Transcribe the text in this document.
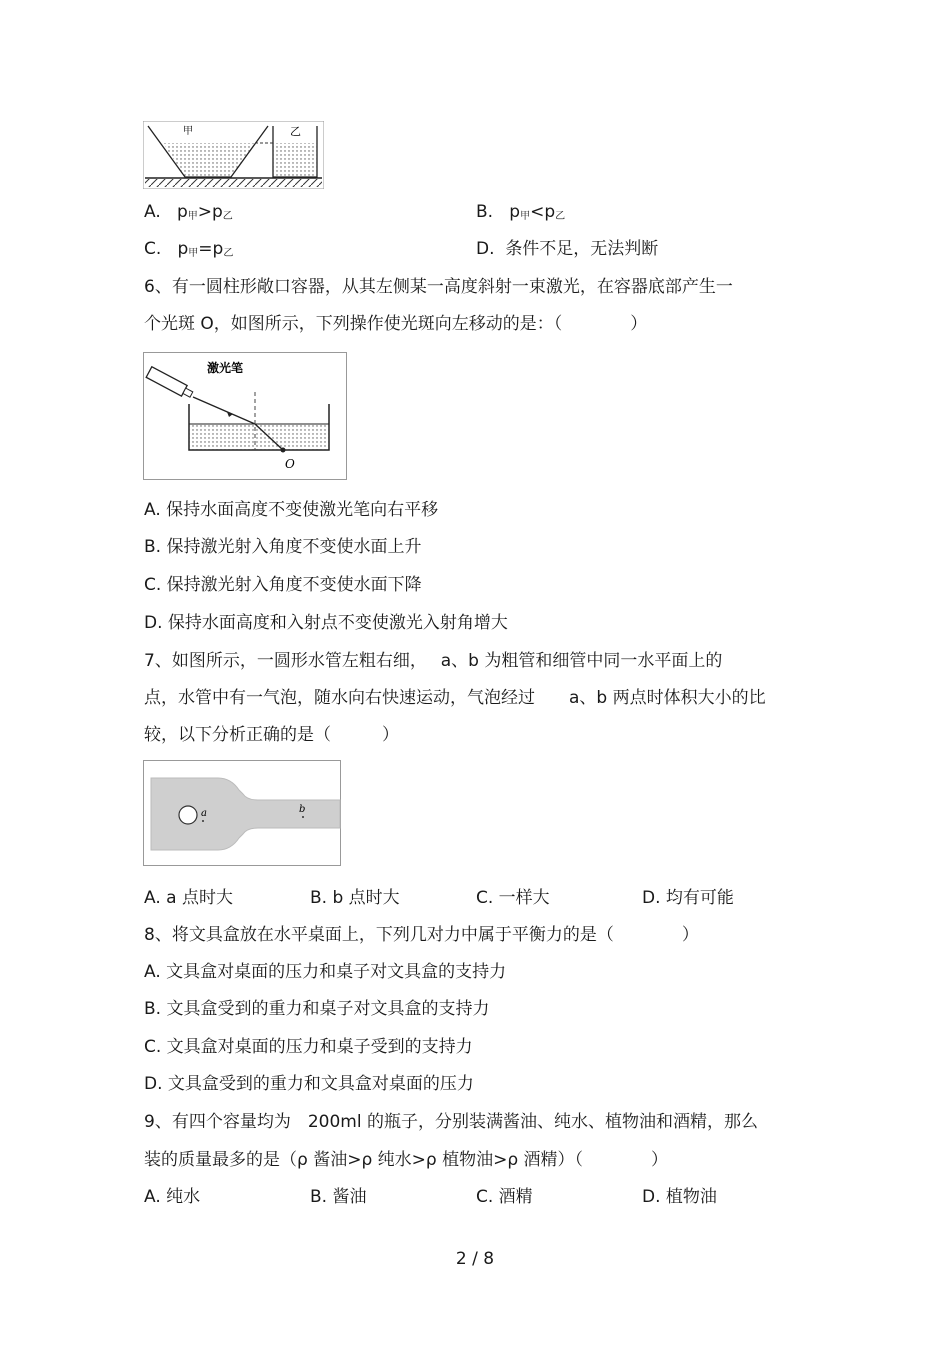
甲	乙
A. $p_甲>p_乙$	B. $p_甲<p_乙$
C. $p_甲=p_乙$	D. 条件不足，无法判断
6、有一圆柱形敞口容器，从其左侧某一高度斜射一束激光，在容器底部产生一
个光斑 O，如图所示，下列操作使光斑向左移动的是：（　　　　）
激光笔
O
A. 保持水面高度不变使激光笔向右平移
B. 保持激光射入角度不变使水面上升
C. 保持激光射入角度不变使水面下降
D. 保持水面高度和入射点不变使激光入射角增大
7、如图所示，一圆形水管左粗右细，　 a、b 为粗管和细管中同一水平面上的
点，水管中有一气泡，随水向右快速运动，气泡经过　　a、b 两点时体积大小的比
较，以下分析正确的是（　　　）
a	b
A. a 点时大	B. b 点时大	C. 一样大	D. 均有可能
8、将文具盒放在水平桌面上，下列几对力中属于平衡力的是（　　　　）
A. 文具盒对桌面的压力和桌子对文具盒的支持力
B. 文具盒受到的重力和桌子对文具盒的支持力
C. 文具盒对桌面的压力和桌子受到的支持力
D. 文具盒受到的重力和文具盒对桌面的压力
9、有四个容量均为　200ml 的瓶子，分别装满酱油、纯水、植物油和酒精，那么
装的质量最多的是（ρ 酱油>ρ 纯水>ρ 植物油>ρ 酒精）（　　　　）
A. 纯水	B. 酱油	C. 酒精	D. 植物油
2 / 8
